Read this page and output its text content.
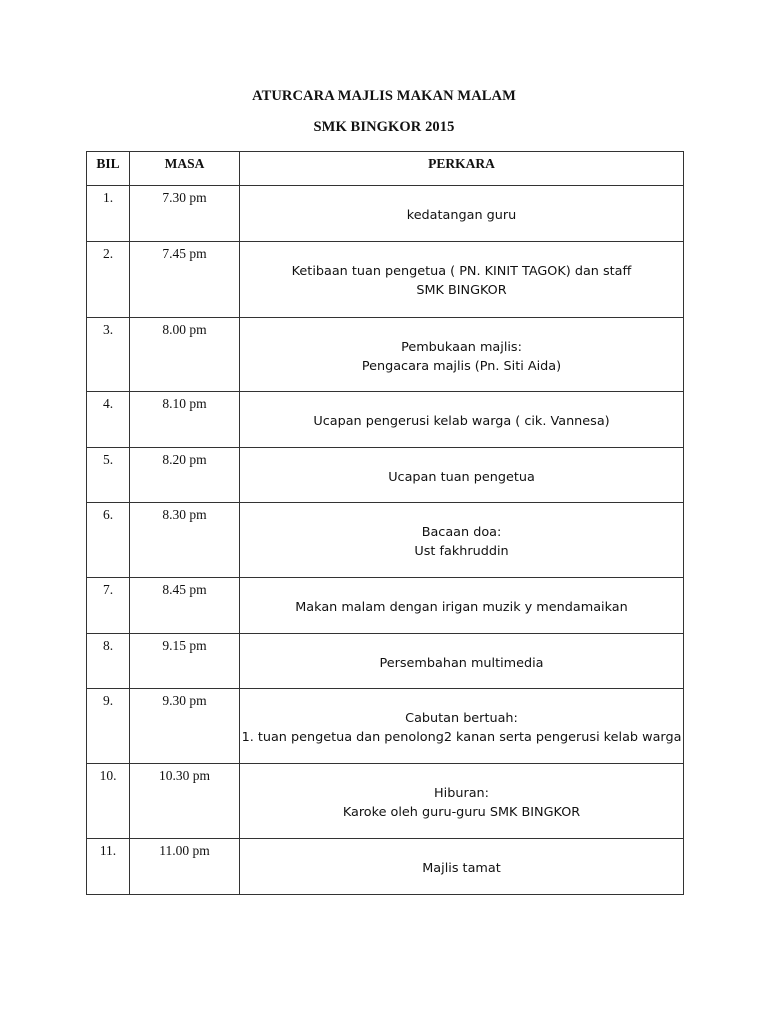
ATURCARA MAJLIS MAKAN MALAM
SMK BINGKOR 2015
BIL	MASA	PERKARA
1.	7.30 pm	kedatangan guru

2.	7.45 pm	Ketibaan tuan pengetua ( PN. KINIT TAGOK) dan staff
SMK BINGKOR

3.	8.00 pm	Pembukaan majlis:
Pengacara majlis (Pn. Siti Aida)

4.	8.10 pm	Ucapan pengerusi kelab warga ( cik. Vannesa)

5.	8.20 pm	Ucapan tuan pengetua

6.	8.30 pm	Bacaan doa:
Ust fakhruddin

7.	8.45 pm	Makan malam dengan irigan muzik y mendamaikan

8.	9.15 pm	Persembahan multimedia

9.	9.30 pm	Cabutan bertuah:
1. tuan pengetua dan penolong2 kanan serta pengerusi kelab warga

10.	10.30 pm	Hiburan:
Karoke oleh guru-guru SMK BINGKOR

11.	11.00 pm	Majlis tamat
